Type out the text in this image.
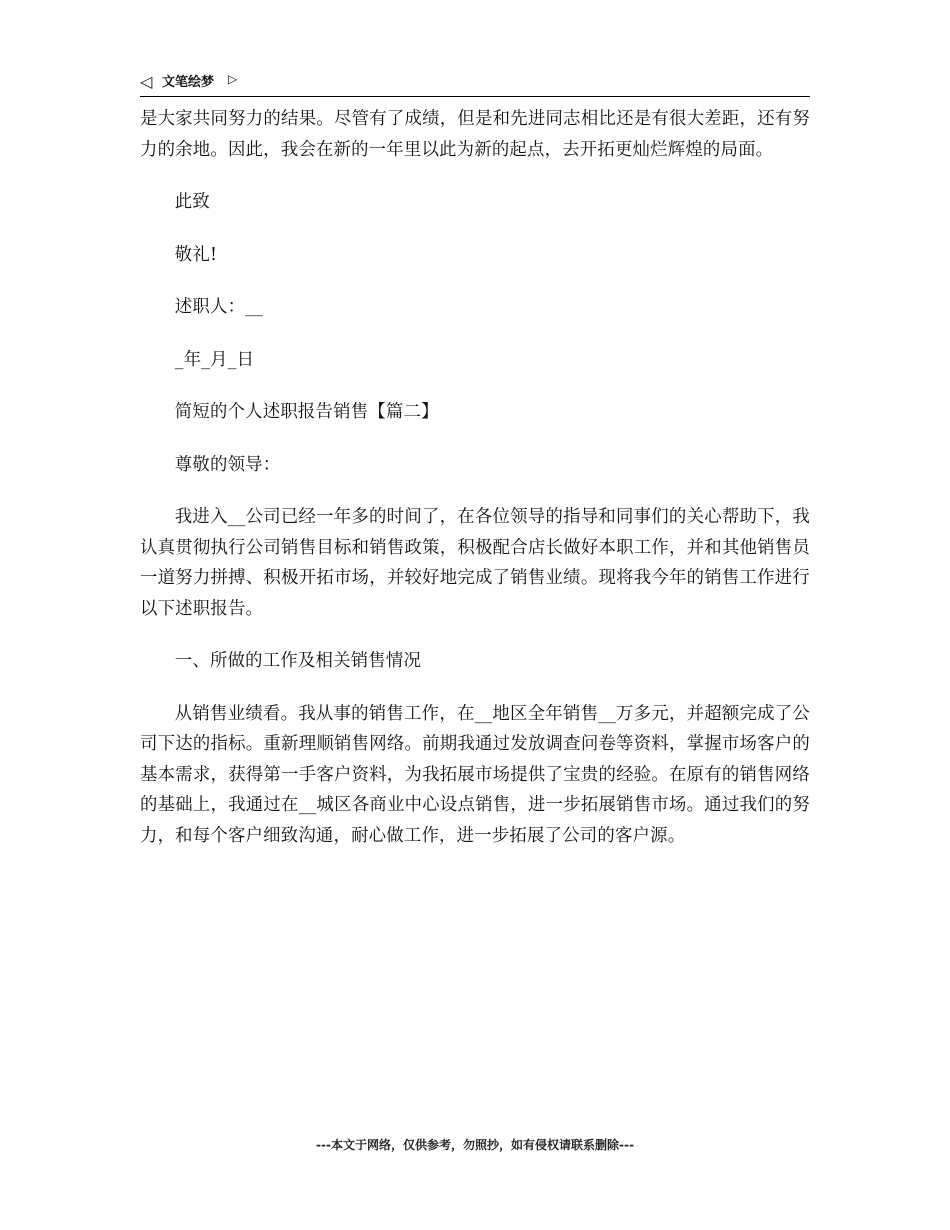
◁ 文笔绘梦 ▷

是大家共同努力的结果。尽管有了成绩，但是和先进同志相比还是有很大差距，还有努力的余地。因此，我会在新的一年里以此为新的起点，去开拓更灿烂辉煌的局面。

此致

敬礼!

述职人：__

_年_月_日

简短的个人述职报告销售【篇二】

尊敬的领导：

我进入__公司已经一年多的时间了，在各位领导的指导和同事们的关心帮助下，我认真贯彻执行公司销售目标和销售政策，积极配合店长做好本职工作，并和其他销售员一道努力拼搏、积极开拓市场，并较好地完成了销售业绩。现将我今年的销售工作进行以下述职报告。

一、所做的工作及相关销售情况

从销售业绩看。我从事的销售工作，在__地区全年销售__万多元，并超额完成了公司下达的指标。重新理顺销售网络。前期我通过发放调查问卷等资料，掌握市场客户的基本需求，获得第一手客户资料，为我拓展市场提供了宝贵的经验。在原有的销售网络的基础上，我通过在__城区各商业中心设点销售，进一步拓展销售市场。通过我们的努力，和每个客户细致沟通，耐心做工作，进一步拓展了公司的客户源。

---本文于网络，仅供参考，勿照抄，如有侵权请联系删除---
